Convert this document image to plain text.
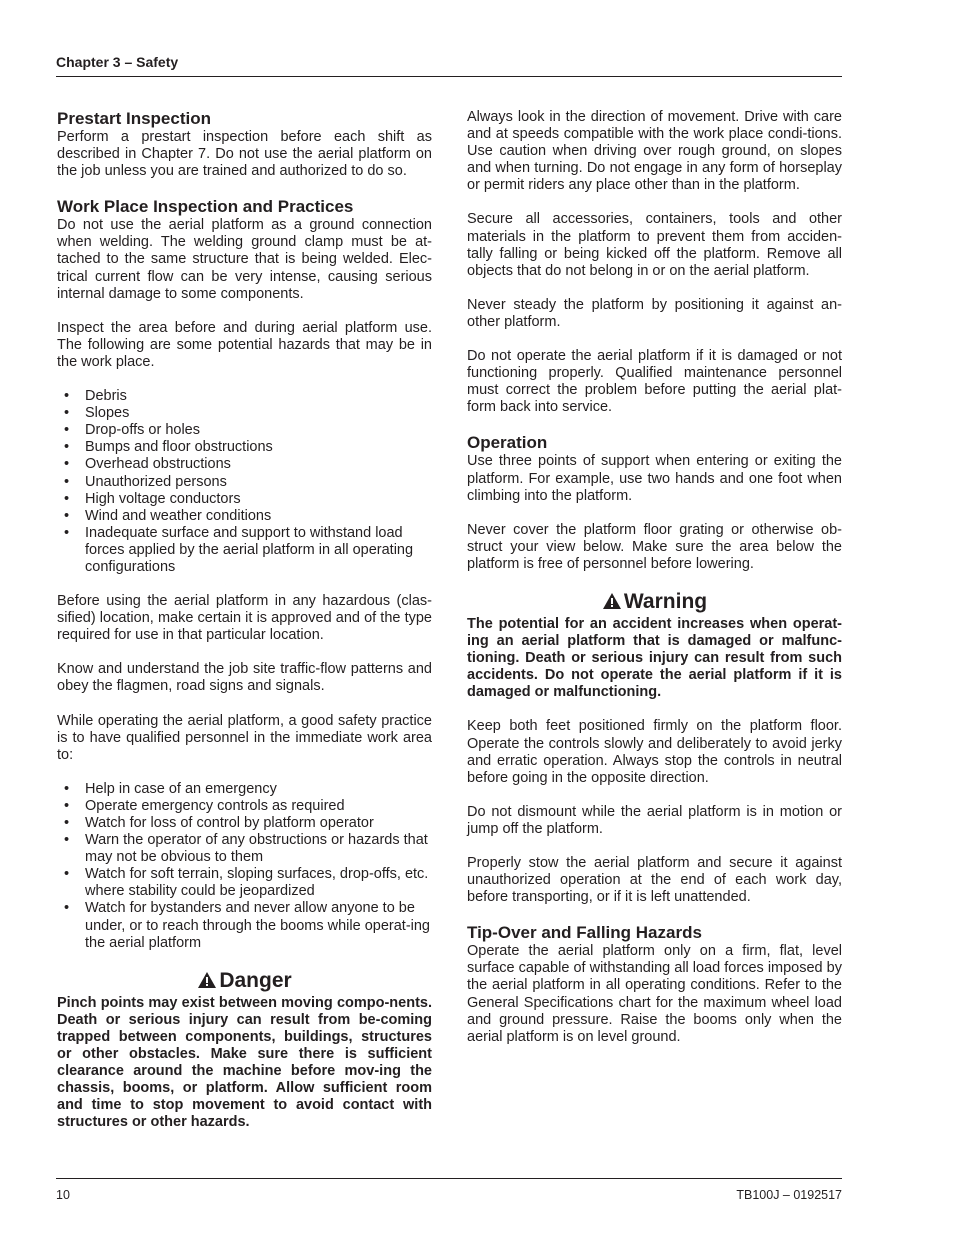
Chapter 3 – Safety
Prestart Inspection

Perform a prestart inspection before each shift as described in Chapter 7. Do not use the aerial platform on the job unless you are trained and authorized to do so.

Work Place Inspection and Practices

Do not use the aerial platform as a ground connection when welding. The welding ground clamp must be at-tached to the same structure that is being welded. Elec-trical current flow can be very intense, causing serious internal damage to some components.

Inspect the area before and during aerial platform use. The following are some potential hazards that may be in the work place.

• Debris
• Slopes
• Drop-offs or holes
• Bumps and floor obstructions
• Overhead obstructions
• Unauthorized persons
• High voltage conductors
• Wind and weather conditions
• Inadequate surface and support to withstand load forces applied by the aerial platform in all operating configurations

Before using the aerial platform in any hazardous (clas-sified) location, make certain it is approved and of the type required for use in that particular location.

Know and understand the job site traffic-flow patterns and obey the flagmen, road signs and signals.

While operating the aerial platform, a good safety practice is to have qualified personnel in the immediate work area to:

• Help in case of an emergency
• Operate emergency controls as required
• Watch for loss of control by platform operator
• Warn the operator of any obstructions or hazards that may not be obvious to them
• Watch for soft terrain, sloping surfaces, drop-offs, etc. where stability could be jeopardized
• Watch for bystanders and never allow anyone to be under, or to reach through the booms while operat-ing the aerial platform
Danger
Pinch points may exist between moving compo-nents. Death or serious injury can result from be-coming trapped between components, buildings, structures or other obstacles. Make sure there is sufficient clearance around the machine before mov-ing the chassis, booms, or platform. Allow sufficient room and time to stop movement to avoid contact with structures or other hazards.

Always look in the direction of movement. Drive with care and at speeds compatible with the work place condi-tions. Use caution when driving over rough ground, on slopes and when turning. Do not engage in any form of horseplay or permit riders any place other than in the platform.

Secure all accessories, containers, tools and other materials in the platform to prevent them from acciden-tally falling or being kicked off the platform. Remove all objects that do not belong in or on the aerial platform.

Never steady the platform by positioning it against an-other platform.

Do not operate the aerial platform if it is damaged or not functioning properly. Qualified maintenance personnel must correct the problem before putting the aerial plat-form back into service.

Operation

Use three points of support when entering or exiting the platform. For example, use two hands and one foot when climbing into the platform.

Never cover the platform floor grating or otherwise ob-struct your view below. Make sure the area below the platform is free of personnel before lowering.

Warning
The potential for an accident increases when operat-ing an aerial platform that is damaged or malfunc-tioning. Death or serious injury can result from such accidents. Do not operate the aerial platform if it is damaged or malfunctioning.

Keep both feet positioned firmly on the platform floor. Operate the controls slowly and deliberately to avoid jerky and erratic operation. Always stop the controls in neutral before going in the opposite direction.

Do not dismount while the aerial platform is in motion or jump off the platform.

Properly stow the aerial platform and secure it against unauthorized operation at the end of each work day, before transporting, or if it is left unattended.

Tip-Over and Falling Hazards

Operate the aerial platform only on a firm, flat, level surface capable of withstanding all load forces imposed by the aerial platform in all operating conditions. Refer to the General Specifications chart for the maximum wheel load and ground pressure. Raise the booms only when the aerial platform is on level ground.

10	TB100J – 0192517
